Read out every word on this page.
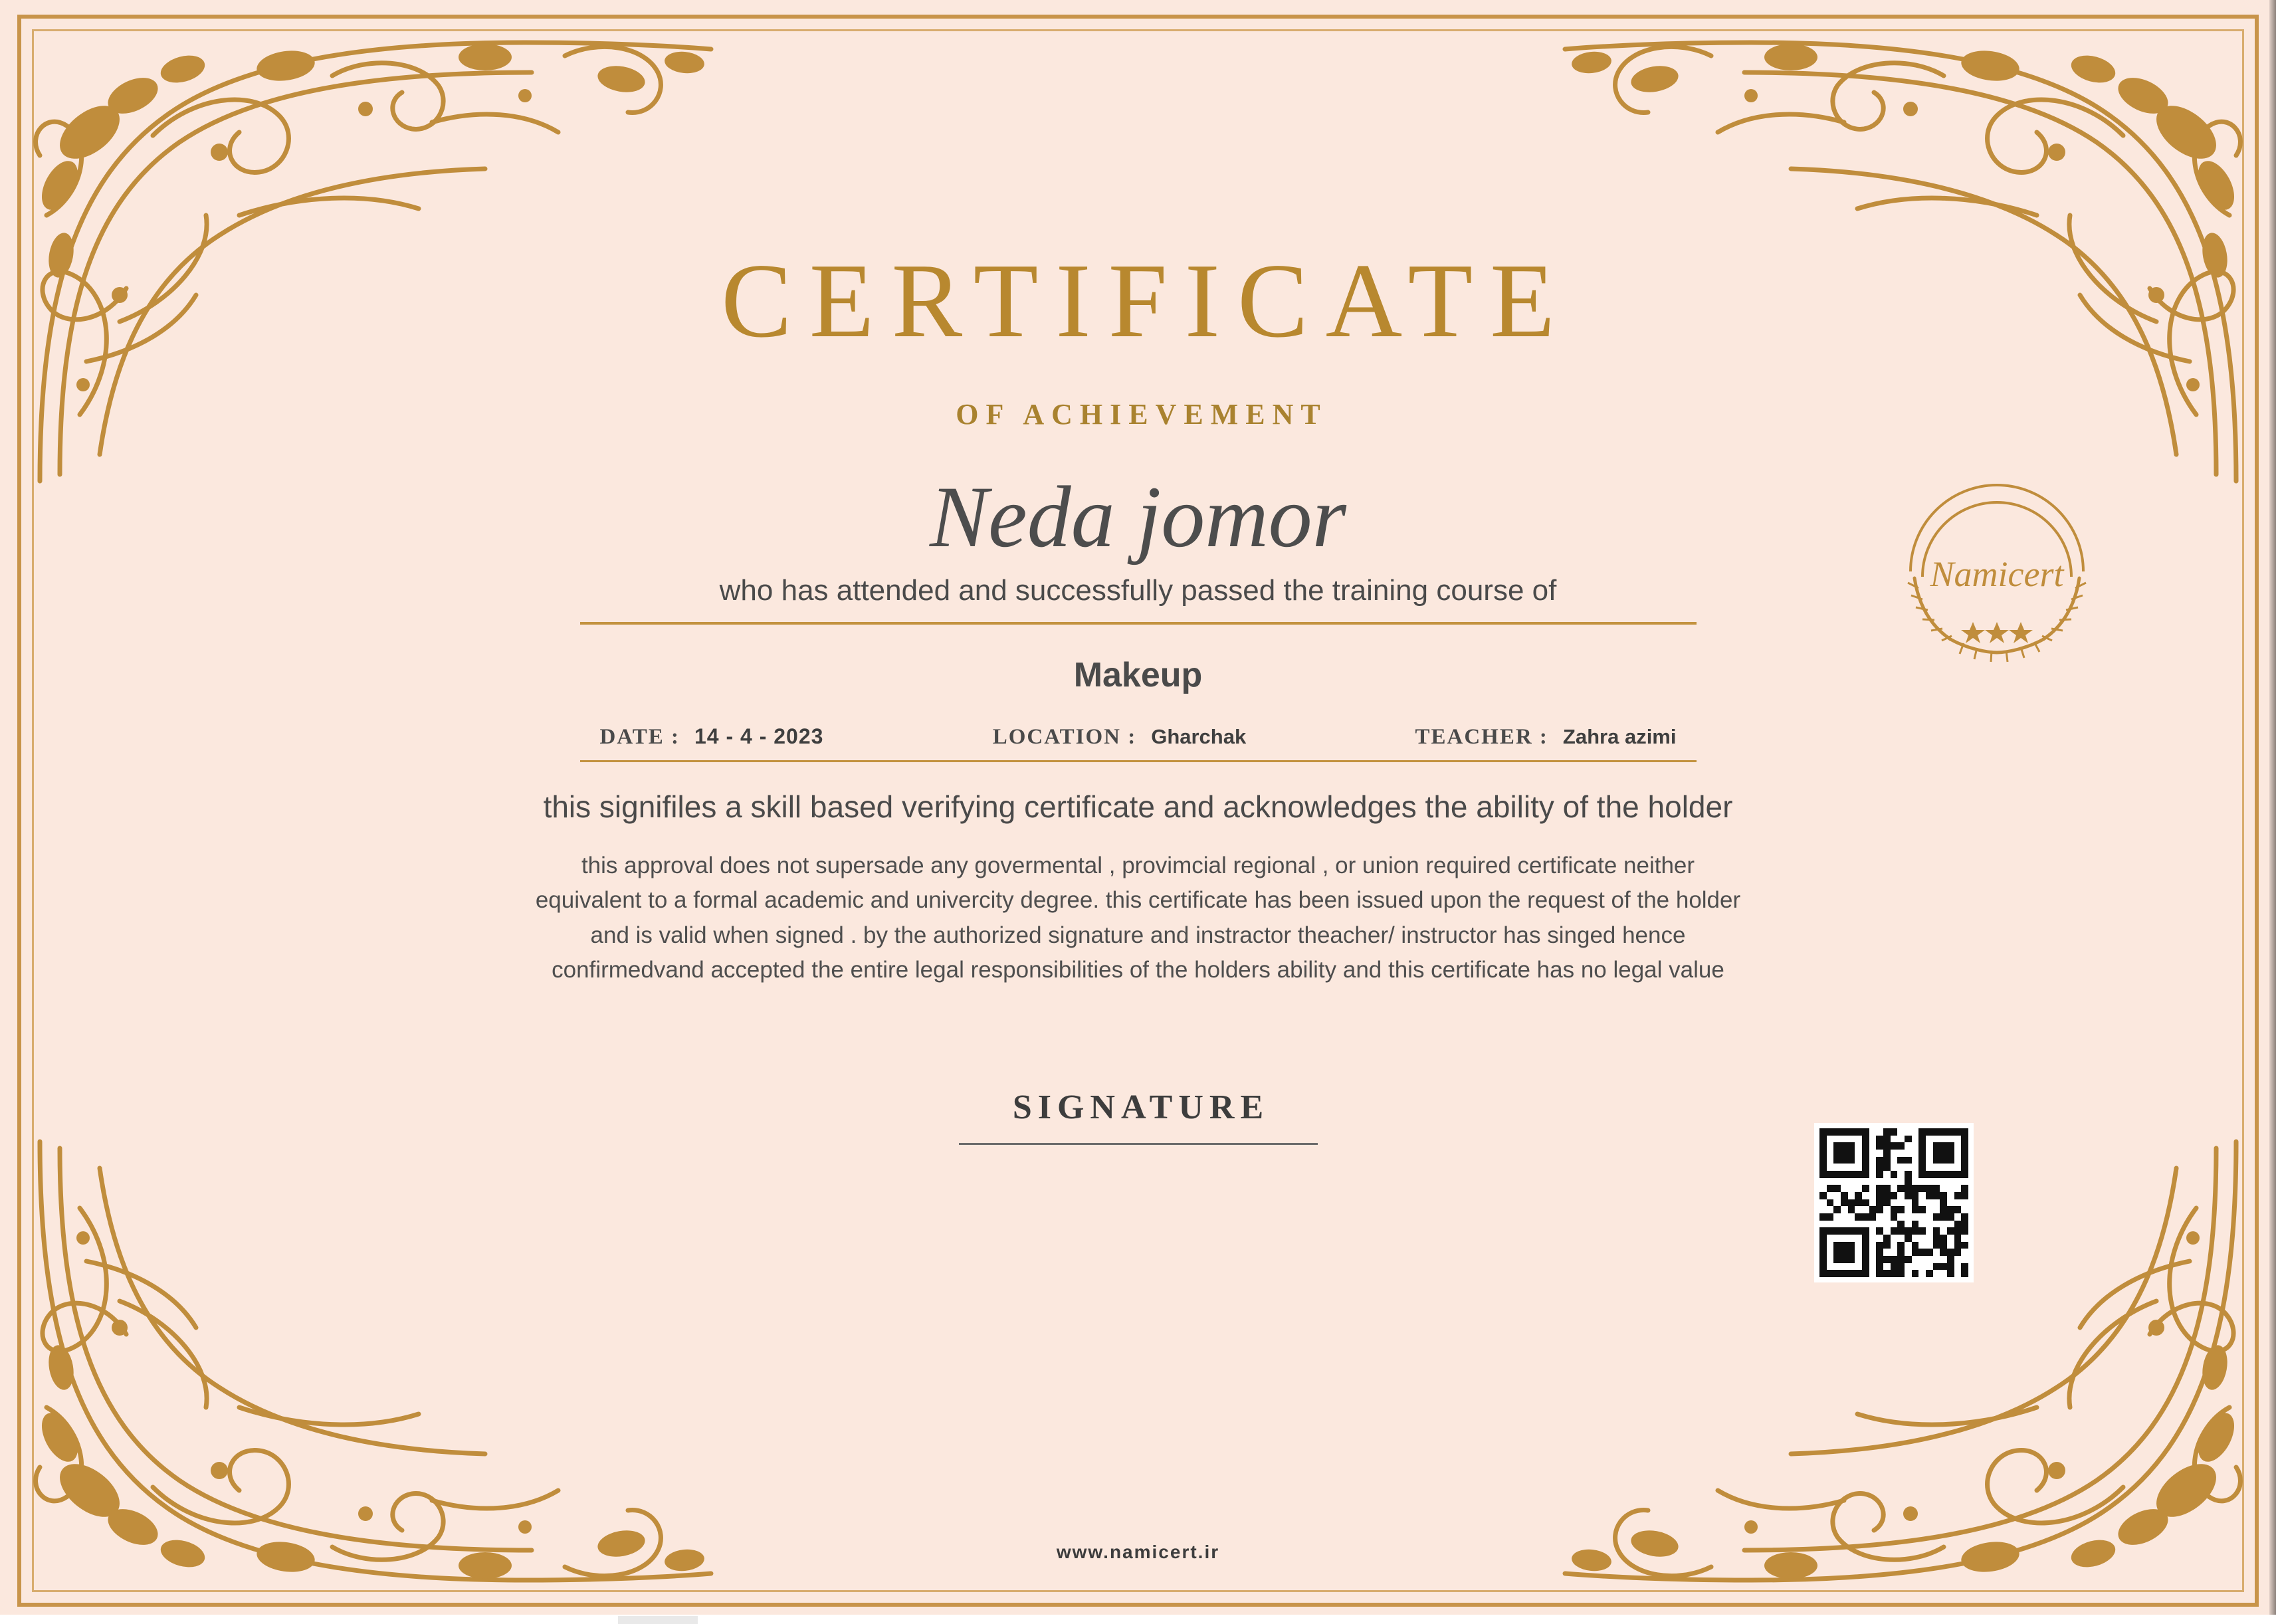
Namicert
CERTIFICATE
OF ACHIEVEMENT
Neda jomor
who has attended and successfully passed the training course of
Makeup
DATE : 14 - 4 - 2023	LOCATION : Gharchak	TEACHER : Zahra azimi
this signifiles a skill based verifying certificate and acknowledges the ability of the holder
this approval does not supersade any govermental , provimcial regional , or union required certificate neither equivalent to a formal academic and univercity degree. this certificate has been issued upon the request of the holder and is valid when signed . by the authorized signature and instractor theacher/ instructor has singed hence confirmedvand accepted the entire legal responsibilities of the holders ability and this certificate has no legal value
SIGNATURE
www.namicert.ir
